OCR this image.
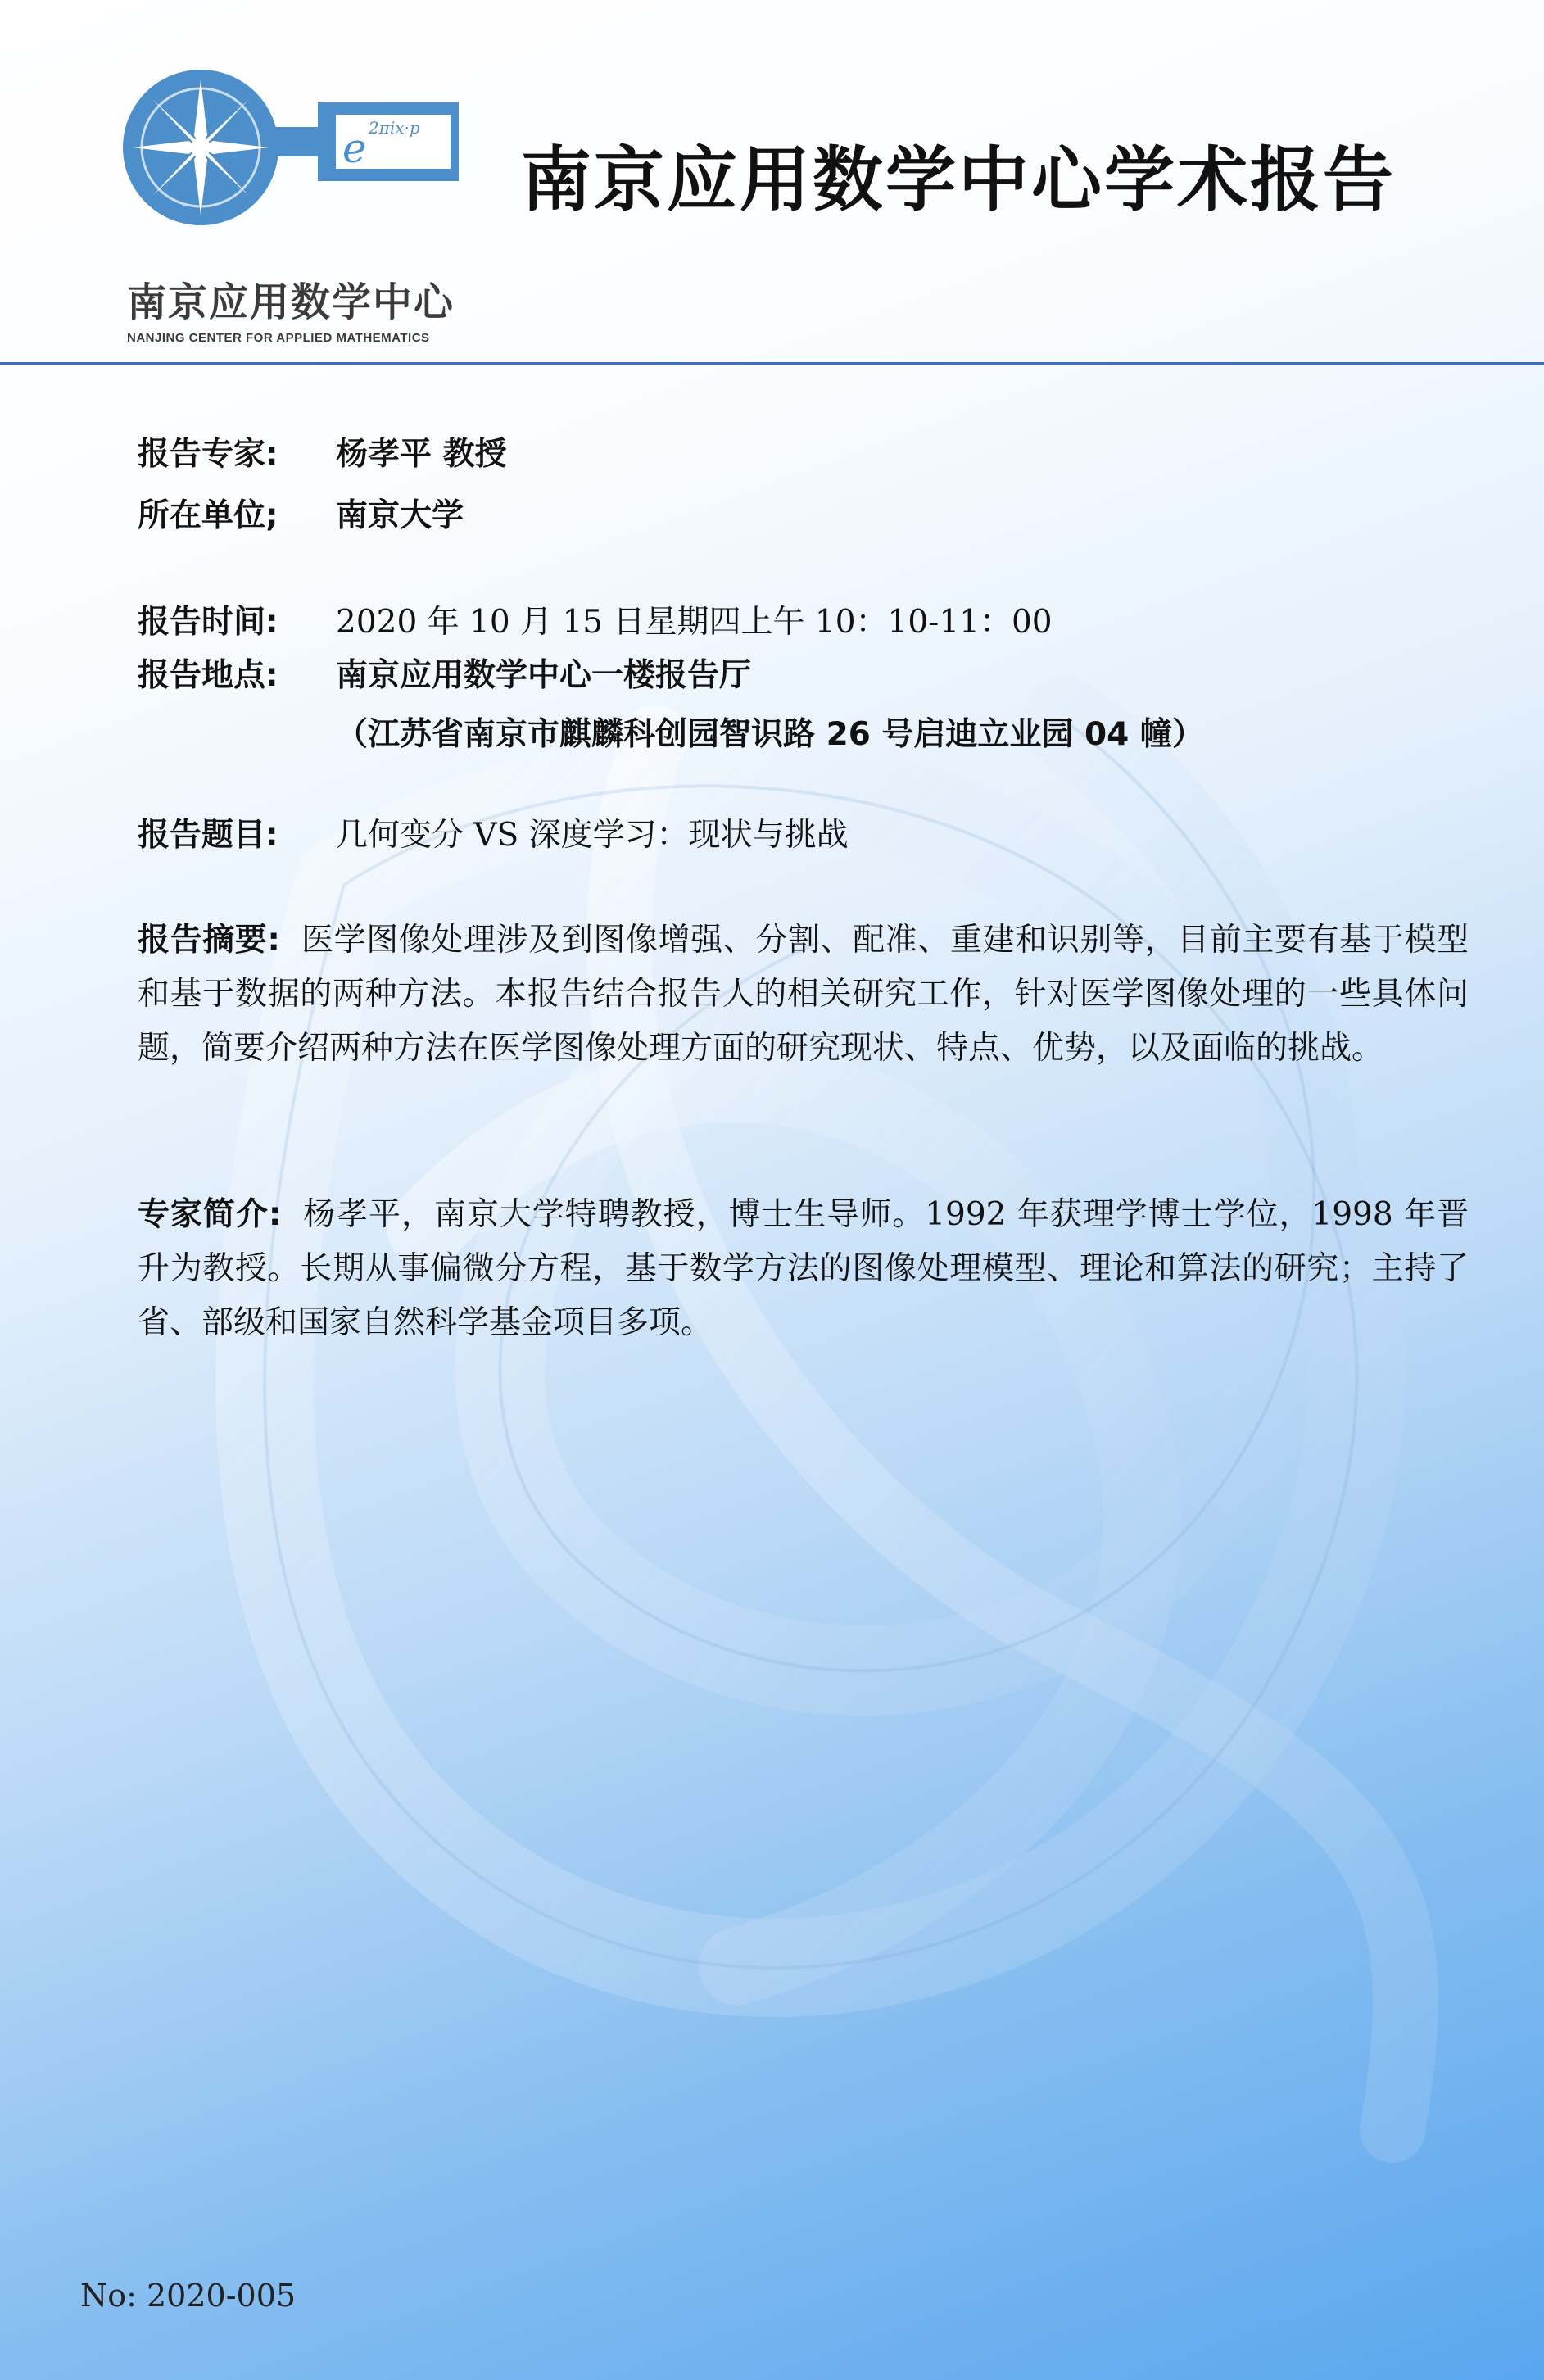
e 2πix·p
南京应用数学中心
NANJING CENTER FOR APPLIED MATHEMATICS
南京应用数学中心学术报告
报告专家: 杨孝平 教授
所在单位; 南京大学
报告时间: 2020 年 10 月 15 日星期四上午 10：10-11：00
报告地点: 南京应用数学中心一楼报告厅
（江苏省南京市麒麟科创园智识路 26 号启迪立业园 04 幢）
报告题目: 几何变分 VS 深度学习：现状与挑战
报告摘要: 医学图像处理涉及到图像增强、分割、配准、重建和识别等，目前主要有基于模型和基于数据的两种方法。本报告结合报告人的相关研究工作，针对医学图像处理的一些具体问题，简要介绍两种方法在医学图像处理方面的研究现状、特点、优势，以及面临的挑战。
专家简介: 杨孝平，南京大学特聘教授，博士生导师。1992 年获理学博士学位，1998 年晋升为教授。长期从事偏微分方程，基于数学方法的图像处理模型、理论和算法的研究；主持了省、部级和国家自然科学基金项目多项。
No: 2020-005
